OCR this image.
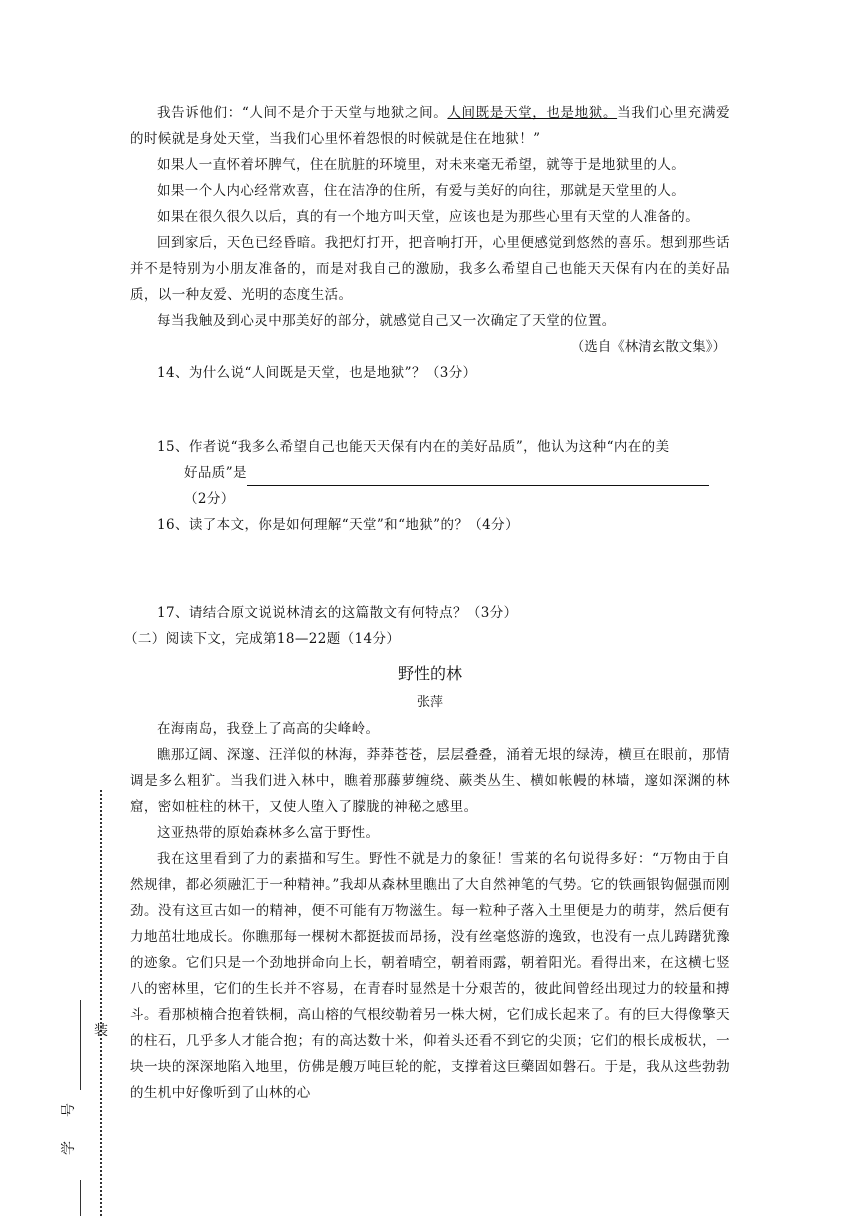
我告诉他们：“人间不是介于天堂与地狱之间。人间既是天堂，也是地狱。当我们心里充满爱的时候就是身处天堂，当我们心里怀着怨恨的时候就是住在地狱！”

如果人一直怀着坏脾气，住在肮脏的环境里，对未来毫无希望，就等于是地狱里的人。

如果一个人内心经常欢喜，住在洁净的住所，有爱与美好的向往，那就是天堂里的人。

如果在很久很久以后，真的有一个地方叫天堂，应该也是为那些心里有天堂的人准备的。

回到家后，天色已经昏暗。我把灯打开，把音响打开，心里便感觉到悠然的喜乐。想到那些话并不是特别为小朋友准备的，而是对我自己的激励，我多么希望自己也能天天保有内在的美好品质，以一种友爱、光明的态度生活。

每当我触及到心灵中那美好的部分，就感觉自己又一次确定了天堂的位置。

（选自《林清玄散文集》）

14、为什么说“人间既是天堂，也是地狱”？（3分）

15、作者说“我多么希望自己也能天天保有内在的美好品质”，他认为这种“内在的美
好品质”是
（2分）

16、读了本文，你是如何理解“天堂”和“地狱”的？（4分）

17、请结合原文说说林清玄的这篇散文有何特点？（3分）

（二）阅读下文，完成第18—22题（14分）

野性的林

张萍

在海南岛，我登上了高高的尖峰岭。

瞧那辽阔、深邃、汪洋似的林海，莽莽苍苍，层层叠叠，涌着无垠的绿涛，横亘在眼前，那情调是多么粗犷。当我们进入林中，瞧着那藤萝缠绕、蕨类丛生、横如帐幔的林墙，邃如深渊的林窟，密如桩柱的林干，又使人堕入了朦胧的神秘之感里。

这亚热带的原始森林多么富于野性。

我在这里看到了力的素描和写生。野性不就是力的象征！雪莱的名句说得多好：“万物由于自然规律，都必须融汇于一种精神。”我却从森林里瞧出了大自然神笔的气势。它的铁画银钩倔强而刚劲。没有这亘古如一的精神，便不可能有万物滋生。每一粒种子落入土里便是力的萌芽，然后便有力地茁壮地成长。你瞧那每一棵树木都挺拔而昂扬，没有丝毫悠游的逸致，也没有一点儿踌躇犹豫的迹象。它们只是一个劲地拼命向上长，朝着晴空，朝着雨露，朝着阳光。看得出来，在这横七竖八的密林里，它们的生长并不容易，在青春时显然是十分艰苦的，彼此间曾经出现过力的较量和搏斗。看那桢楠合抱着铁桐，高山榕的气根绞勒着另一株大树，它们成长起来了。有的巨大得像擎天的柱石，几乎多人才能合抱；有的高达数十米，仰着头还看不到它的尖顶；它们的根长成板状，一块一块的深深地陷入地里，仿佛是艘万吨巨轮的舵，支撑着这巨藥固如磐石。于是，我从这些勃勃的生机中好像听到了山林的心

装
号
学
